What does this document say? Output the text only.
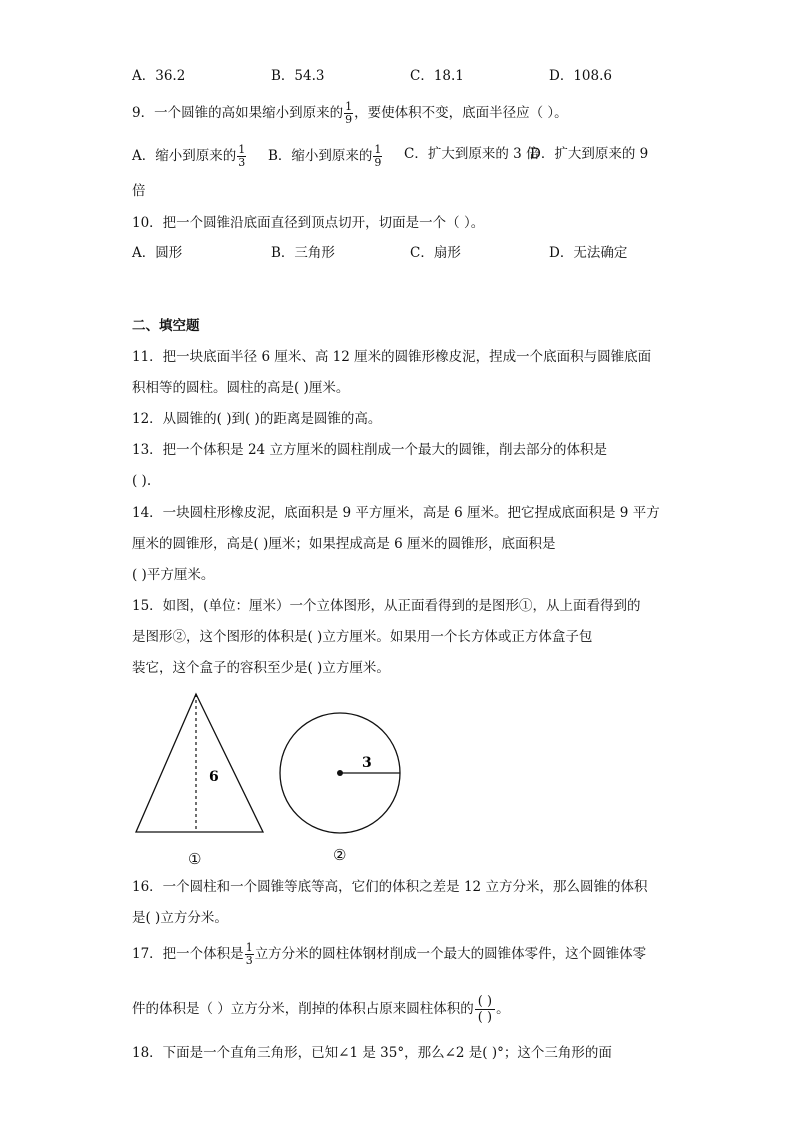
A．36.2	B．54.3	C．18.1	D．108.6
9．一个圆锥的高如果缩小到原来的 $\frac{1}{9}$ ，要使体积不变，底面半径应（ ）。
A．缩小到原来的 $\frac{1}{3}$ B．缩小到原来的 $\frac{1}{9}$ C．扩大到原来的 3 倍
D．扩大到原来的 9
倍
10．把一个圆锥沿底面直径到顶点切开，切面是一个（ ）。
A．圆形	B．三角形	C．扇形	D．无法确定
二、填空题
11．把一块底面半径 6 厘米、高 12 厘米的圆锥形橡皮泥，捏成一个底面积与圆锥底面
积相等的圆柱。圆柱的高是( )厘米。
12．从圆锥的( )到( )的距离是圆锥的高。
13．把一个体积是 24 立方厘米的圆柱削成一个最大的圆锥，削去部分的体积是
( ).
14．一块圆柱形橡皮泥，底面积是 9 平方厘米，高是 6 厘米。把它捏成底面积是 9 平方
厘米的圆锥形，高是( )厘米；如果捏成高是 6 厘米的圆锥形，底面积是
( )平方厘米。
15．如图，(单位：厘米）一个立体图形，从正面看得到的是图形①，从上面看得到的
是图形②，这个图形的体积是( )立方厘米。如果用一个长方体或正方体盒子包
装它，这个盒子的容积至少是( )立方厘米。
6
3
①	②
16．一个圆柱和一个圆锥等底等高，它们的体积之差是 12 立方分米，那么圆锥的体积
是( )立方分米。
17．把一个体积是 $\frac{1}{3}$ 立方分米的圆柱体钢材削成一个最大的圆锥体零件，这个圆锥体零
件的体积是（ ）立方分米，削掉的体积占原来圆柱体积的 $\frac{( )}{( )}$ 。
18．下面是一个直角三角形，已知∠1 是 35°，那么∠2 是( )°；这个三角形的面
